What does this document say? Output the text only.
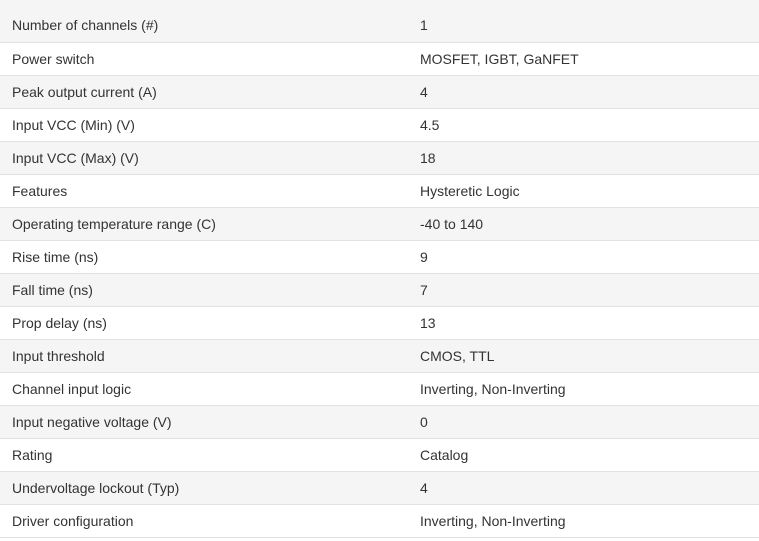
Number of channels (#)	1
Power switch	MOSFET, IGBT, GaNFET
Peak output current (A)	4
Input VCC (Min) (V)	4.5
Input VCC (Max) (V)	18
Features	Hysteretic Logic
Operating temperature range (C)	-40 to 140
Rise time (ns)	9
Fall time (ns)	7
Prop delay (ns)	13
Input threshold	CMOS, TTL
Channel input logic	Inverting, Non-Inverting
Input negative voltage (V)	0
Rating	Catalog
Undervoltage lockout (Typ)	4
Driver configuration	Inverting, Non-Inverting
